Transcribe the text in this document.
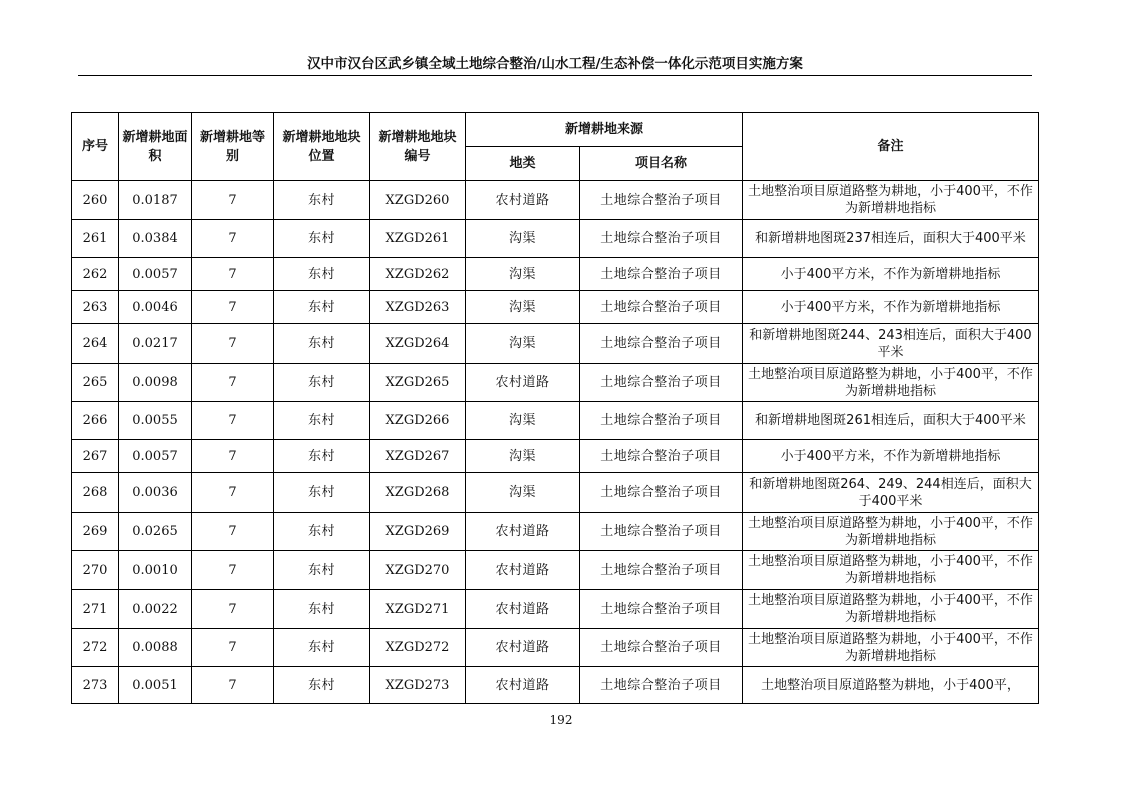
汉中市汉台区武乡镇全域土地综合整治/山水工程/生态补偿一体化示范项目实施方案
序号	新增耕地面积	新增耕地等别	新增耕地地块位置	新增耕地地块编号	新增耕地来源		备注
					地类	项目名称	
260	0.0187	7	东村	XZGD260	农村道路	土地综合整治子项目	土地整治项目原道路整为耕地，小于400平，不作为新增耕地指标
261	0.0384	7	东村	XZGD261	沟渠	土地综合整治子项目	和新增耕地图斑237相连后，面积大于400平米
262	0.0057	7	东村	XZGD262	沟渠	土地综合整治子项目	小于400平方米，不作为新增耕地指标
263	0.0046	7	东村	XZGD263	沟渠	土地综合整治子项目	小于400平方米，不作为新增耕地指标
264	0.0217	7	东村	XZGD264	沟渠	土地综合整治子项目	和新增耕地图斑244、243相连后，面积大于400平米
265	0.0098	7	东村	XZGD265	农村道路	土地综合整治子项目	土地整治项目原道路整为耕地，小于400平，不作为新增耕地指标
266	0.0055	7	东村	XZGD266	沟渠	土地综合整治子项目	和新增耕地图斑261相连后，面积大于400平米
267	0.0057	7	东村	XZGD267	沟渠	土地综合整治子项目	小于400平方米，不作为新增耕地指标
268	0.0036	7	东村	XZGD268	沟渠	土地综合整治子项目	和新增耕地图斑264、249、244相连后，面积大于400平米
269	0.0265	7	东村	XZGD269	农村道路	土地综合整治子项目	土地整治项目原道路整为耕地，小于400平，不作为新增耕地指标
270	0.0010	7	东村	XZGD270	农村道路	土地综合整治子项目	土地整治项目原道路整为耕地，小于400平，不作为新增耕地指标
271	0.0022	7	东村	XZGD271	农村道路	土地综合整治子项目	土地整治项目原道路整为耕地，小于400平，不作为新增耕地指标
272	0.0088	7	东村	XZGD272	农村道路	土地综合整治子项目	土地整治项目原道路整为耕地，小于400平，不作为新增耕地指标
273	0.0051	7	东村	XZGD273	农村道路	土地综合整治子项目	土地整治项目原道路整为耕地，小于400平，
192
